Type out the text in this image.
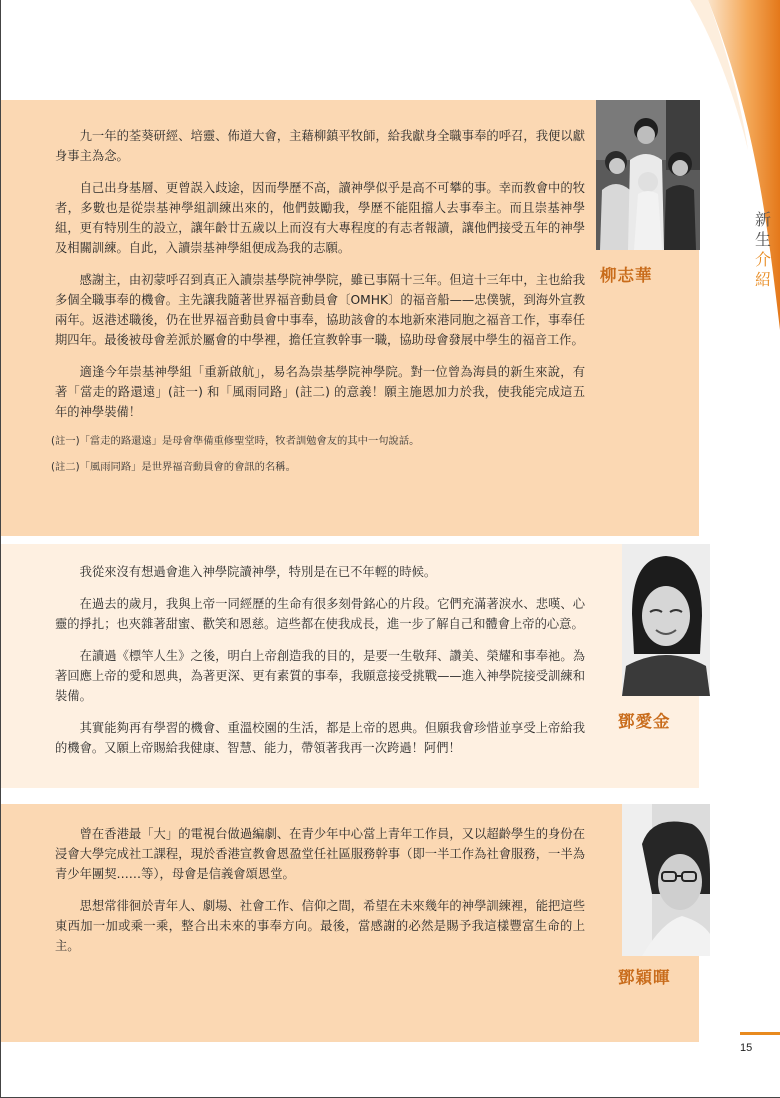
新
生
介
紹

九一年的荃葵研經、培靈、佈道大會，主藉柳鎮平牧師，給我獻身全職事奉的呼召，我便以獻身事主為念。

自己出身基層、更曾誤入歧途，因而學歷不高，讀神學似乎是高不可攀的事。幸而教會中的牧者，多數也是從崇基神學組訓練出來的，他們鼓勵我，學歷不能阻擋人去事奉主。而且崇基神學組，更有特別生的設立，讓年齡廿五歲以上而沒有大專程度的有志者報讀，讓他們接受五年的神學及相關訓練。自此，入讀崇基神學組便成為我的志願。

感謝主，由初蒙呼召到真正入讀崇基學院神學院，雖已事隔十三年。但這十三年中，主也給我多個全職事奉的機會。主先讓我隨著世界福音動員會〔OMHK〕的福音船——忠僕號，到海外宣教兩年。返港述職後，仍在世界福音動員會中事奉，協助該會的本地新來港同胞之福音工作，事奉任期四年。最後被母會差派於屬會的中學裡，擔任宣教幹事一職，協助母會發展中學生的福音工作。

適逢今年崇基神學組「重新啟航」，易名為崇基學院神學院。對一位曾為海員的新生來說，有著「當走的路還遠」(註一) 和「風雨同路」(註二) 的意義！願主施恩加力於我，使我能完成這五年的神學裝備！

(註一)「當走的路還遠」是母會準備重修聖堂時，牧者訓勉會友的其中一句說話。
(註二)「風雨同路」是世界福音動員會的會訊的名稱。
柳志華

我從來沒有想過會進入神學院讀神學，特別是在已不年輕的時候。

在過去的歲月，我與上帝一同經歷的生命有很多刻骨銘心的片段。它們充滿著淚水、悲嘆、心靈的掙扎；也夾雜著甜蜜、歡笑和恩慈。這些都在使我成長，進一步了解自己和體會上帝的心意。

在讀過《標竿人生》之後，明白上帝創造我的目的，是要一生敬拜、讚美、榮耀和事奉祂。為著回應上帝的愛和恩典，為著更深、更有素質的事奉，我願意接受挑戰——進入神學院接受訓練和裝備。

其實能夠再有學習的機會、重溫校園的生活，都是上帝的恩典。但願我會珍惜並享受上帝給我的機會。又願上帝賜給我健康、智慧、能力，帶領著我再一次跨過！阿們！

鄧愛金

曾在香港最「大」的電視台做過編劇、在青少年中心當上青年工作員，又以超齡學生的身份在浸會大學完成社工課程，現於香港宣教會恩盈堂任社區服務幹事（即一半工作為社會服務，一半為青少年團契……等），母會是信義會頌恩堂。

思想常徘徊於青年人、劇場、社會工作、信仰之間，希望在未來幾年的神學訓練裡，能把這些東西加一加或乘一乘，整合出未來的事奉方向。最後，當感謝的必然是賜予我這樣豐富生命的上主。

鄧穎暉
15
